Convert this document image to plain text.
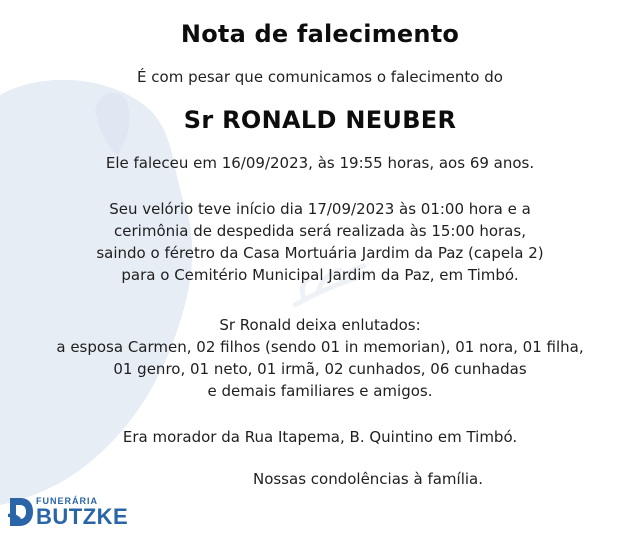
Nota de falecimento
É com pesar que comunicamos o falecimento do
Sr RONALD NEUBER
Ele faleceu em 16/09/2023, às 19:55 horas, aos 69 anos.
Seu velório teve início dia 17/09/2023 às 01:00 hora e a
cerimônia de despedida será realizada às 15:00 horas,
saindo o féretro da Casa Mortuária Jardim da Paz (capela 2)
para o Cemitério Municipal Jardim da Paz, em Timbó.
Sr Ronald deixa enlutados:
a esposa Carmen, 02 filhos (sendo 01 in memorian), 01 nora, 01 filha,
01 genro, 01 neto, 01 irmã, 02 cunhados, 06 cunhadas
e demais familiares e amigos.
Era morador da Rua Itapema, B. Quintino em Timbó.
Nossas condolências à família.
FUNERÁRIA
BUTZKE
